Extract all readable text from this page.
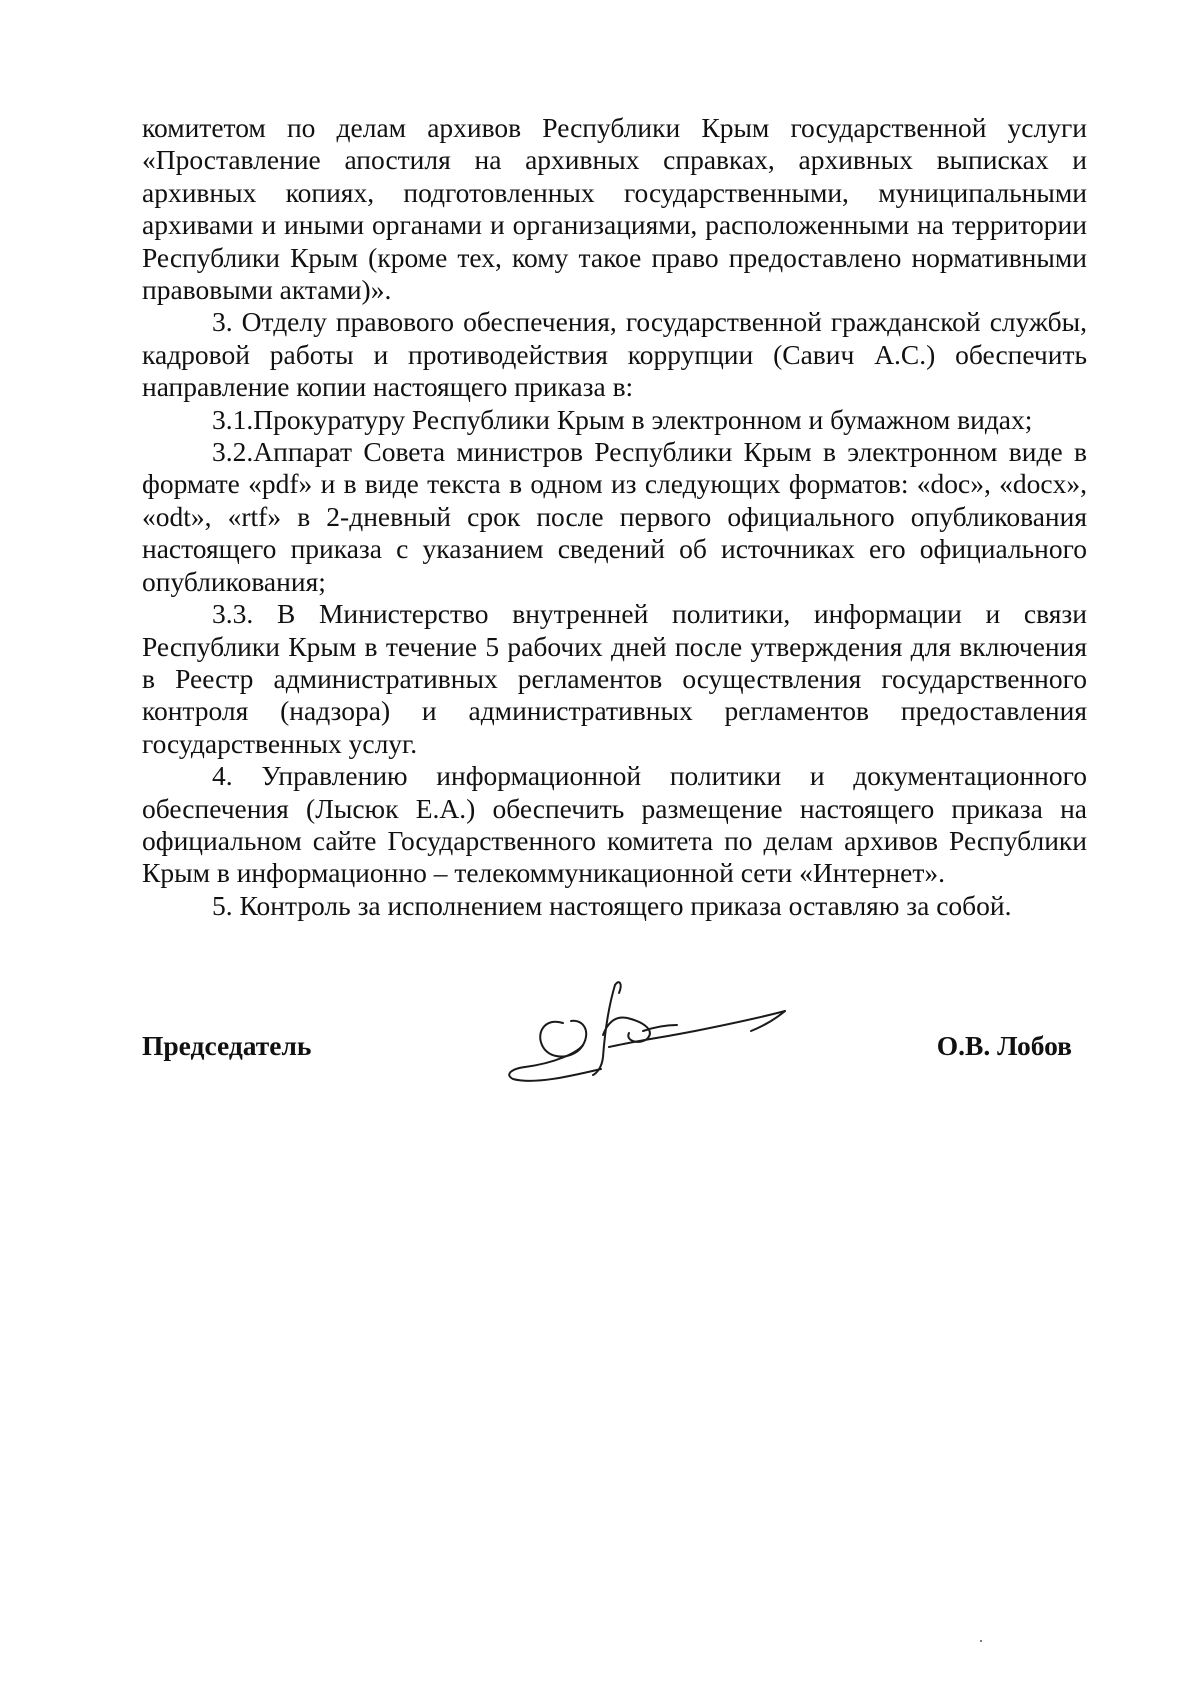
комитетом по делам архивов Республики Крым государственной услуги «Проставление апостиля на архивных справках, архивных выписках и архивных копиях, подготовленных государственными, муниципальными архивами и иными органами и организациями, расположенными на территории Республики Крым (кроме тех, кому такое право предоставлено нормативными правовыми актами)».

3. Отделу правового обеспечения, государственной гражданской службы, кадровой работы и противодействия коррупции (Савич А.С.) обеспечить направление копии настоящего приказа в:

3.1.Прокуратуру Республики Крым в электронном и бумажном видах;

3.2.Аппарат Совета министров Республики Крым в электронном виде в формате «pdf» и в виде текста в одном из следующих форматов: «doc», «docx», «odt», «rtf» в 2-дневный срок после первого официального опубликования настоящего приказа с указанием сведений об источниках его официального опубликования;

3.3. В Министерство внутренней политики, информации и связи Республики Крым в течение 5 рабочих дней после утверждения для включения в Реестр административных регламентов осуществления государственного контроля (надзора) и административных регламентов предоставления государственных услуг.

4. Управлению информационной политики и документационного обеспечения (Лысюк Е.А.) обеспечить размещение настоящего приказа на официальном сайте Государственного комитета по делам архивов Республики Крым в информационно – телекоммуникационной сети «Интернет».

5. Контроль за исполнением настоящего приказа оставляю за собой.

Председатель	О.В. Лобов
